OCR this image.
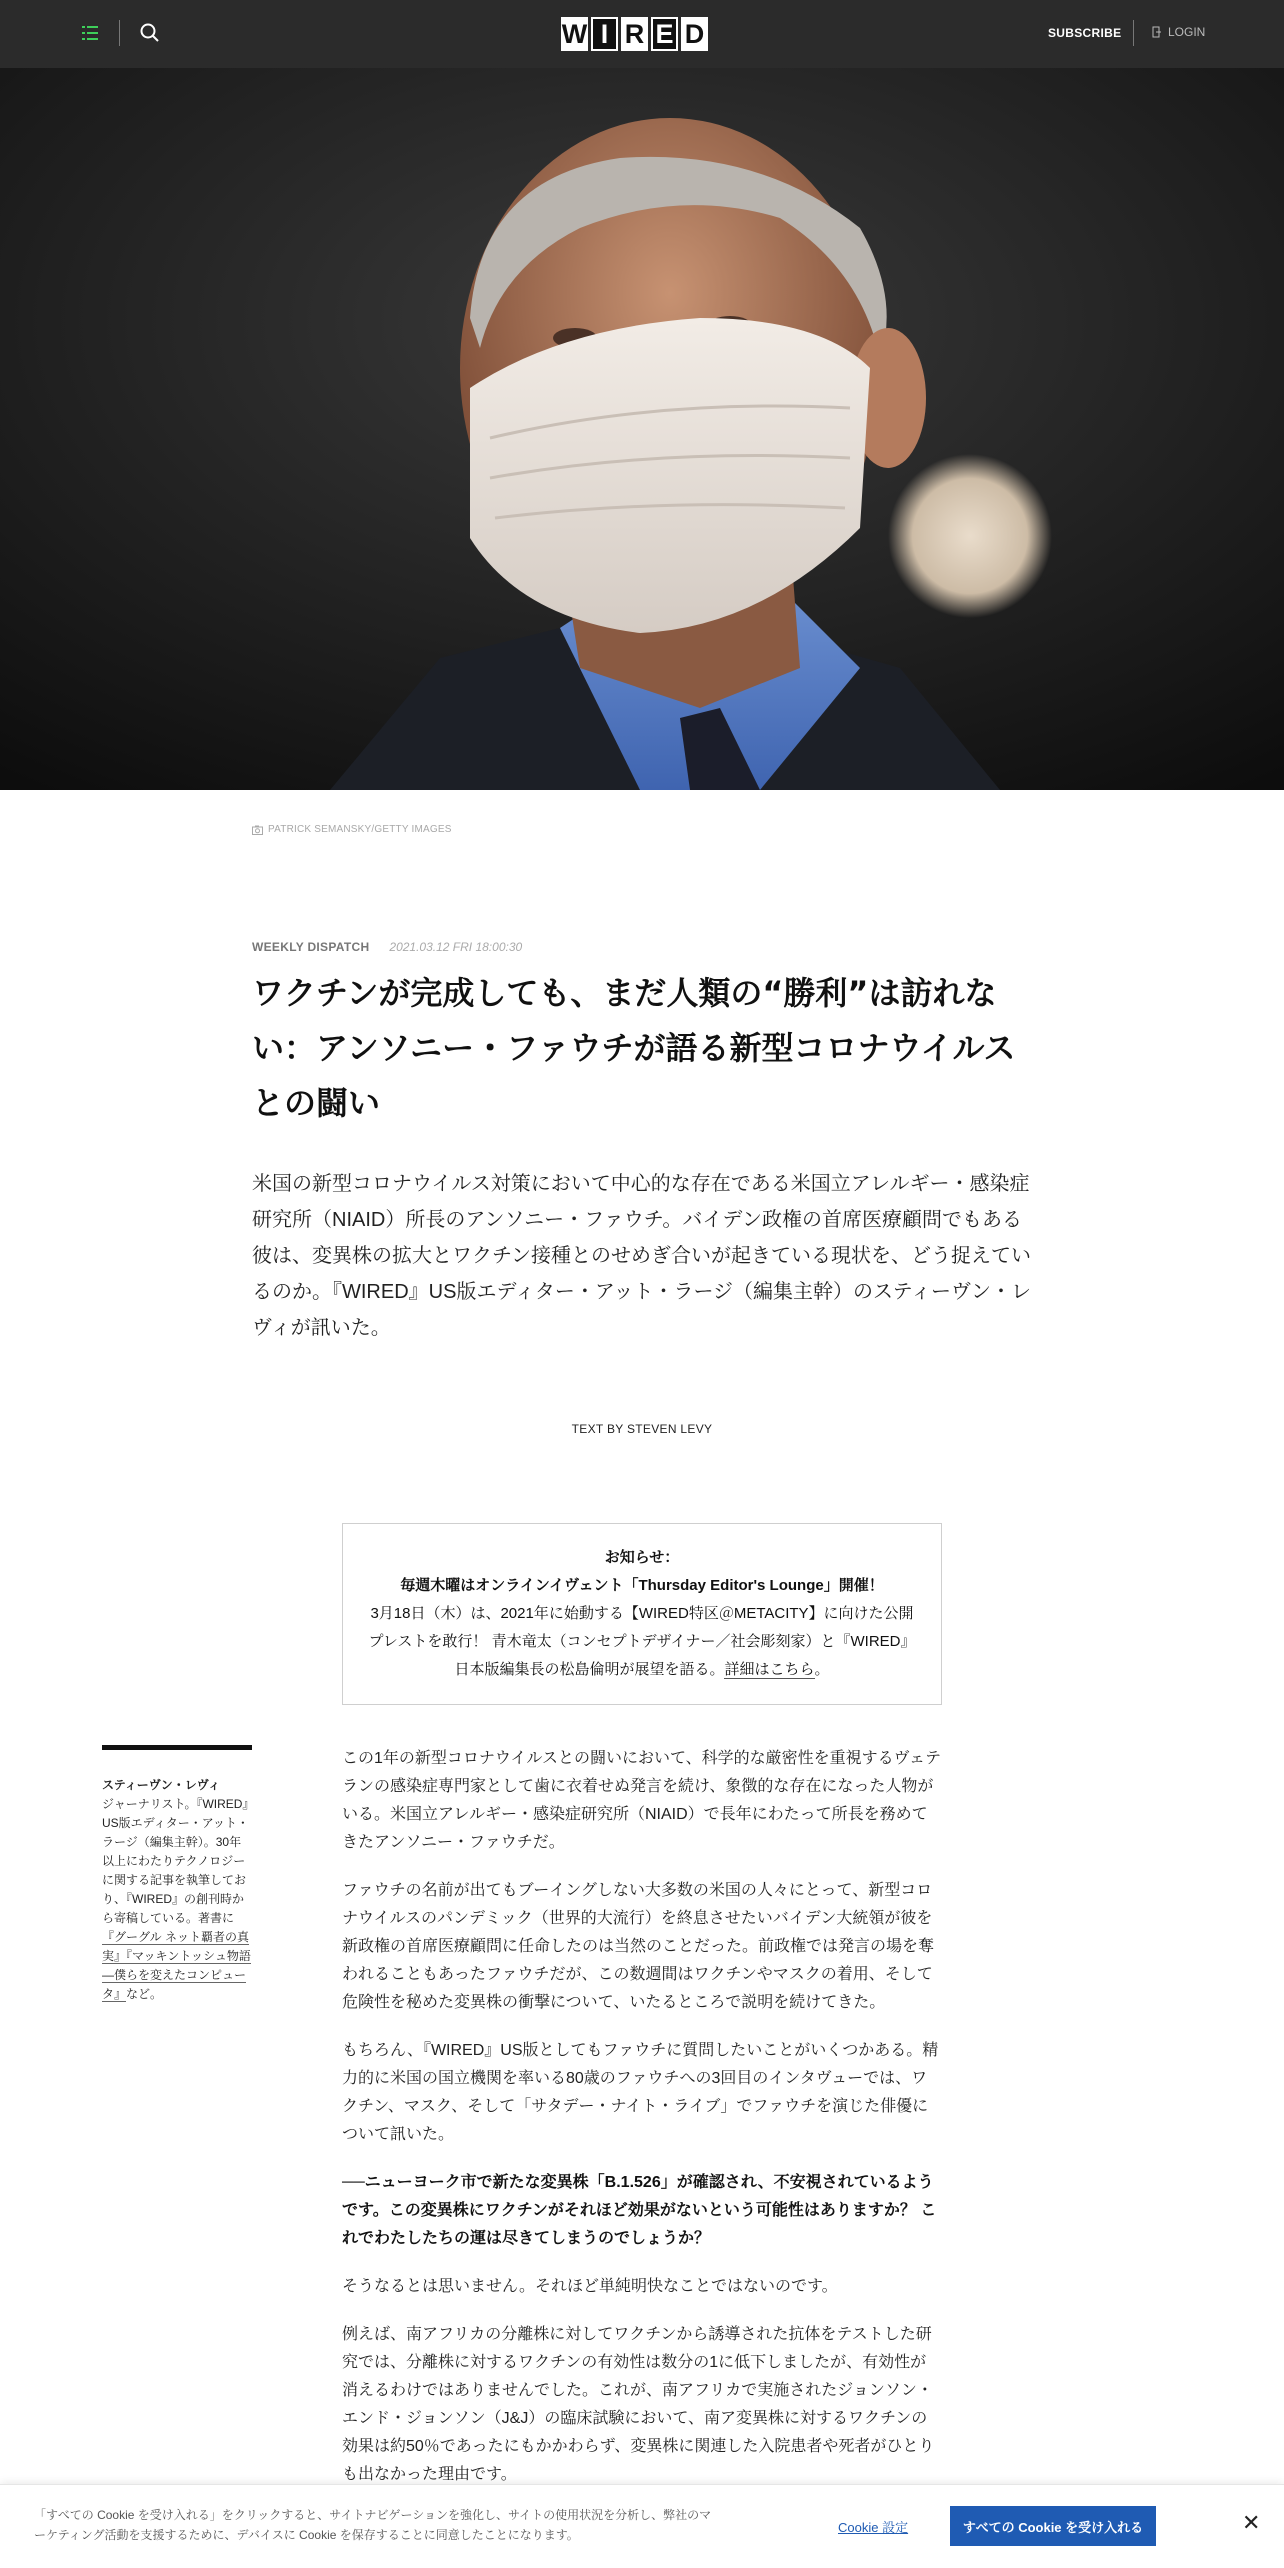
W I R E D	SUBSCRIBE	LOGIN
PATRICK SEMANSKY/GETTY IMAGES
WEEKLY DISPATCH 2021.03.12 FRI 18:00:30
ワクチンが完成しても、まだ人類の“勝利”は訪れない：アンソニー・ファウチが語る新型コロナウイルスとの闘い

米国の新型コロナウイルス対策において中心的な存在である米国立アレルギー・感染症研究所（NIAID）所長のアンソニー・ファウチ。バイデン政権の首席医療顧問でもある彼は、変異株の拡大とワクチン接種とのせめぎ合いが起きている現状を、どう捉えているのか。『WIRED』US版エディター・アット・ラージ（編集主幹）のスティーヴン・レヴィが訊いた。

TEXT BY STEVEN LEVY
お知らせ：
毎週木曜はオンラインイヴェント「Thursday Editor's Lounge」開催！
3月18日（木）は、2021年に始動する【WIRED特区＠METACITY】に向けた公開プレストを敢行！ 青木竜太（コンセプトデザイナー／社会彫刻家）と『WIRED』日本版編集長の松島倫明が展望を語る。詳細はこちら。
スティーヴン・レヴィ
ジャーナリスト。『WIRED』US版エディター・アット・ラージ（編集主幹）。30年以上にわたりテクノロジーに関する記事を執筆しており、『WIRED』の創刊時から寄稿している。著書に『グーグル ネット覇者の真実』『マッキントッシュ物語—僕らを変えたコンピュータ』など。

この1年の新型コロナウイルスとの闘いにおいて、科学的な厳密性を重視するヴェテランの感染症専門家として歯に衣着せぬ発言を続け、象徴的な存在になった人物がいる。米国立アレルギー・感染症研究所（NIAID）で長年にわたって所長を務めてきたアンソニー・ファウチだ。

ファウチの名前が出てもブーイングしない大多数の米国の人々にとって、新型コロナウイルスのパンデミック（世界的大流行）を終息させたいバイデン大統領が彼を新政権の首席医療顧問に任命したのは当然のことだった。前政権では発言の場を奪われることもあったファウチだが、この数週間はワクチンやマスクの着用、そして危険性を秘めた変異株の衝撃について、いたるところで説明を続けてきた。

もちろん、『WIRED』US版としてもファウチに質問したいことがいくつかある。精力的に米国の国立機関を率いる80歳のファウチへの3回目のインタヴューでは、ワクチン、マスク、そして「サタデー・ナイト・ライブ」でファウチを演じた俳優について訊いた。

──ニューヨーク市で新たな変異株「B.1.526」が確認され、不安視されているようです。この変異株にワクチンがそれほど効果がないという可能性はありますか？ これでわたしたちの運は尽きてしまうのでしょうか？

そうなるとは思いません。それほど単純明快なことではないのです。

例えば、南アフリカの分離株に対してワクチンから誘導された抗体をテストした研究では、分離株に対するワクチンの有効性は数分の1に低下しましたが、有効性が消えるわけではありませんでした。これが、南アフリカで実施されたジョンソン・エンド・ジョンソン（J&J）の臨床試験において、南ア変異株に対するワクチンの効果は約50％であったにもかかわらず、変異株に関連した入院患者や死者がひとりも出なかった理由です。

「すべての Cookie を受け入れる」をクリックすると、サイトナビゲーションを強化し、サイトの使用状況を分析し、弊社のマーケティング活動を支援するために、デバイスに Cookie を保存することに同意したことになります。	Cookie 設定	すべての Cookie を受け入れる	✕
